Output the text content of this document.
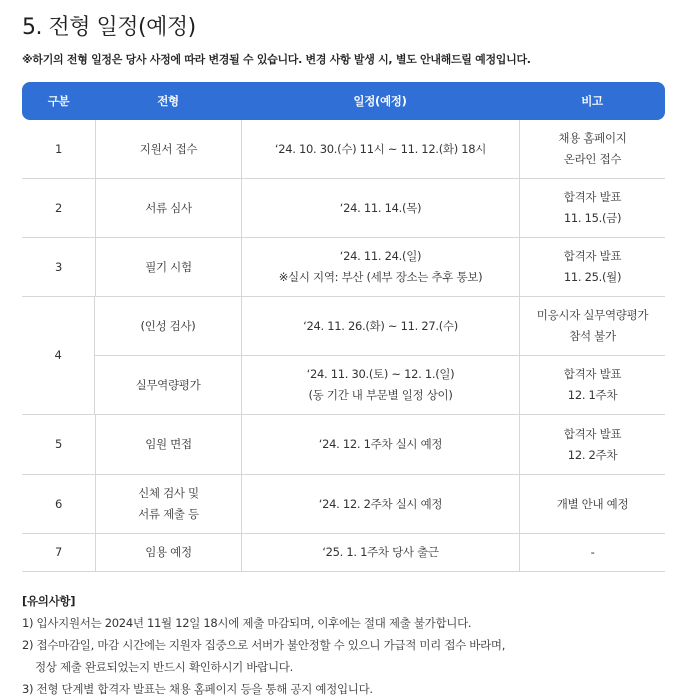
5. 전형 일정(예정)
※하기의 전형 일정은 당사 사정에 따라 변경될 수 있습니다. 변경 사항 발생 시, 별도 안내해드릴 예정입니다.
구분	전형	일정(예정)	비고
1	지원서 접수	‘24. 10. 30.(수) 11시 ~ 11. 12.(화) 18시	채용 홈페이지
온라인 접수

2	서류 심사	‘24. 11. 14.(목)	합격자 발표
11. 15.(금)

3	필기 시험	‘24. 11. 24.(일)
※실시 지역: 부산 (세부 장소는 추후 통보)	합격자 발표
11. 25.(월)

4	(인성 검사)	‘24. 11. 26.(화) ~ 11. 27.(수)	미응시자 실무역량평가
참석 불가

	실무역량평가	‘24. 11. 30.(토) ~ 12. 1.(일)
(동 기간 내 부문별 일정 상이)	합격자 발표
12. 1주차

5	임원 면접	‘24. 12. 1주차 실시 예정	합격자 발표
12. 2주차

6	신체 검사 및
서류 제출 등	‘24. 12. 2주차 실시 예정	개별 안내 예정

7	임용 예정	‘25. 1. 1주차 당사 출근	-
[유의사항]
1) 입사지원서는 2024년 11월 12일 18시에 제출 마감되며, 이후에는 절대 제출 불가합니다.
2) 접수마감일, 마감 시간에는 지원자 집중으로 서버가 불안정할 수 있으니 가급적 미리 접수 바라며,
정상 제출 완료되었는지 반드시 확인하시기 바랍니다.
3) 전형 단계별 합격자 발표는 채용 홈페이지 등을 통해 공지 예정입니다.
